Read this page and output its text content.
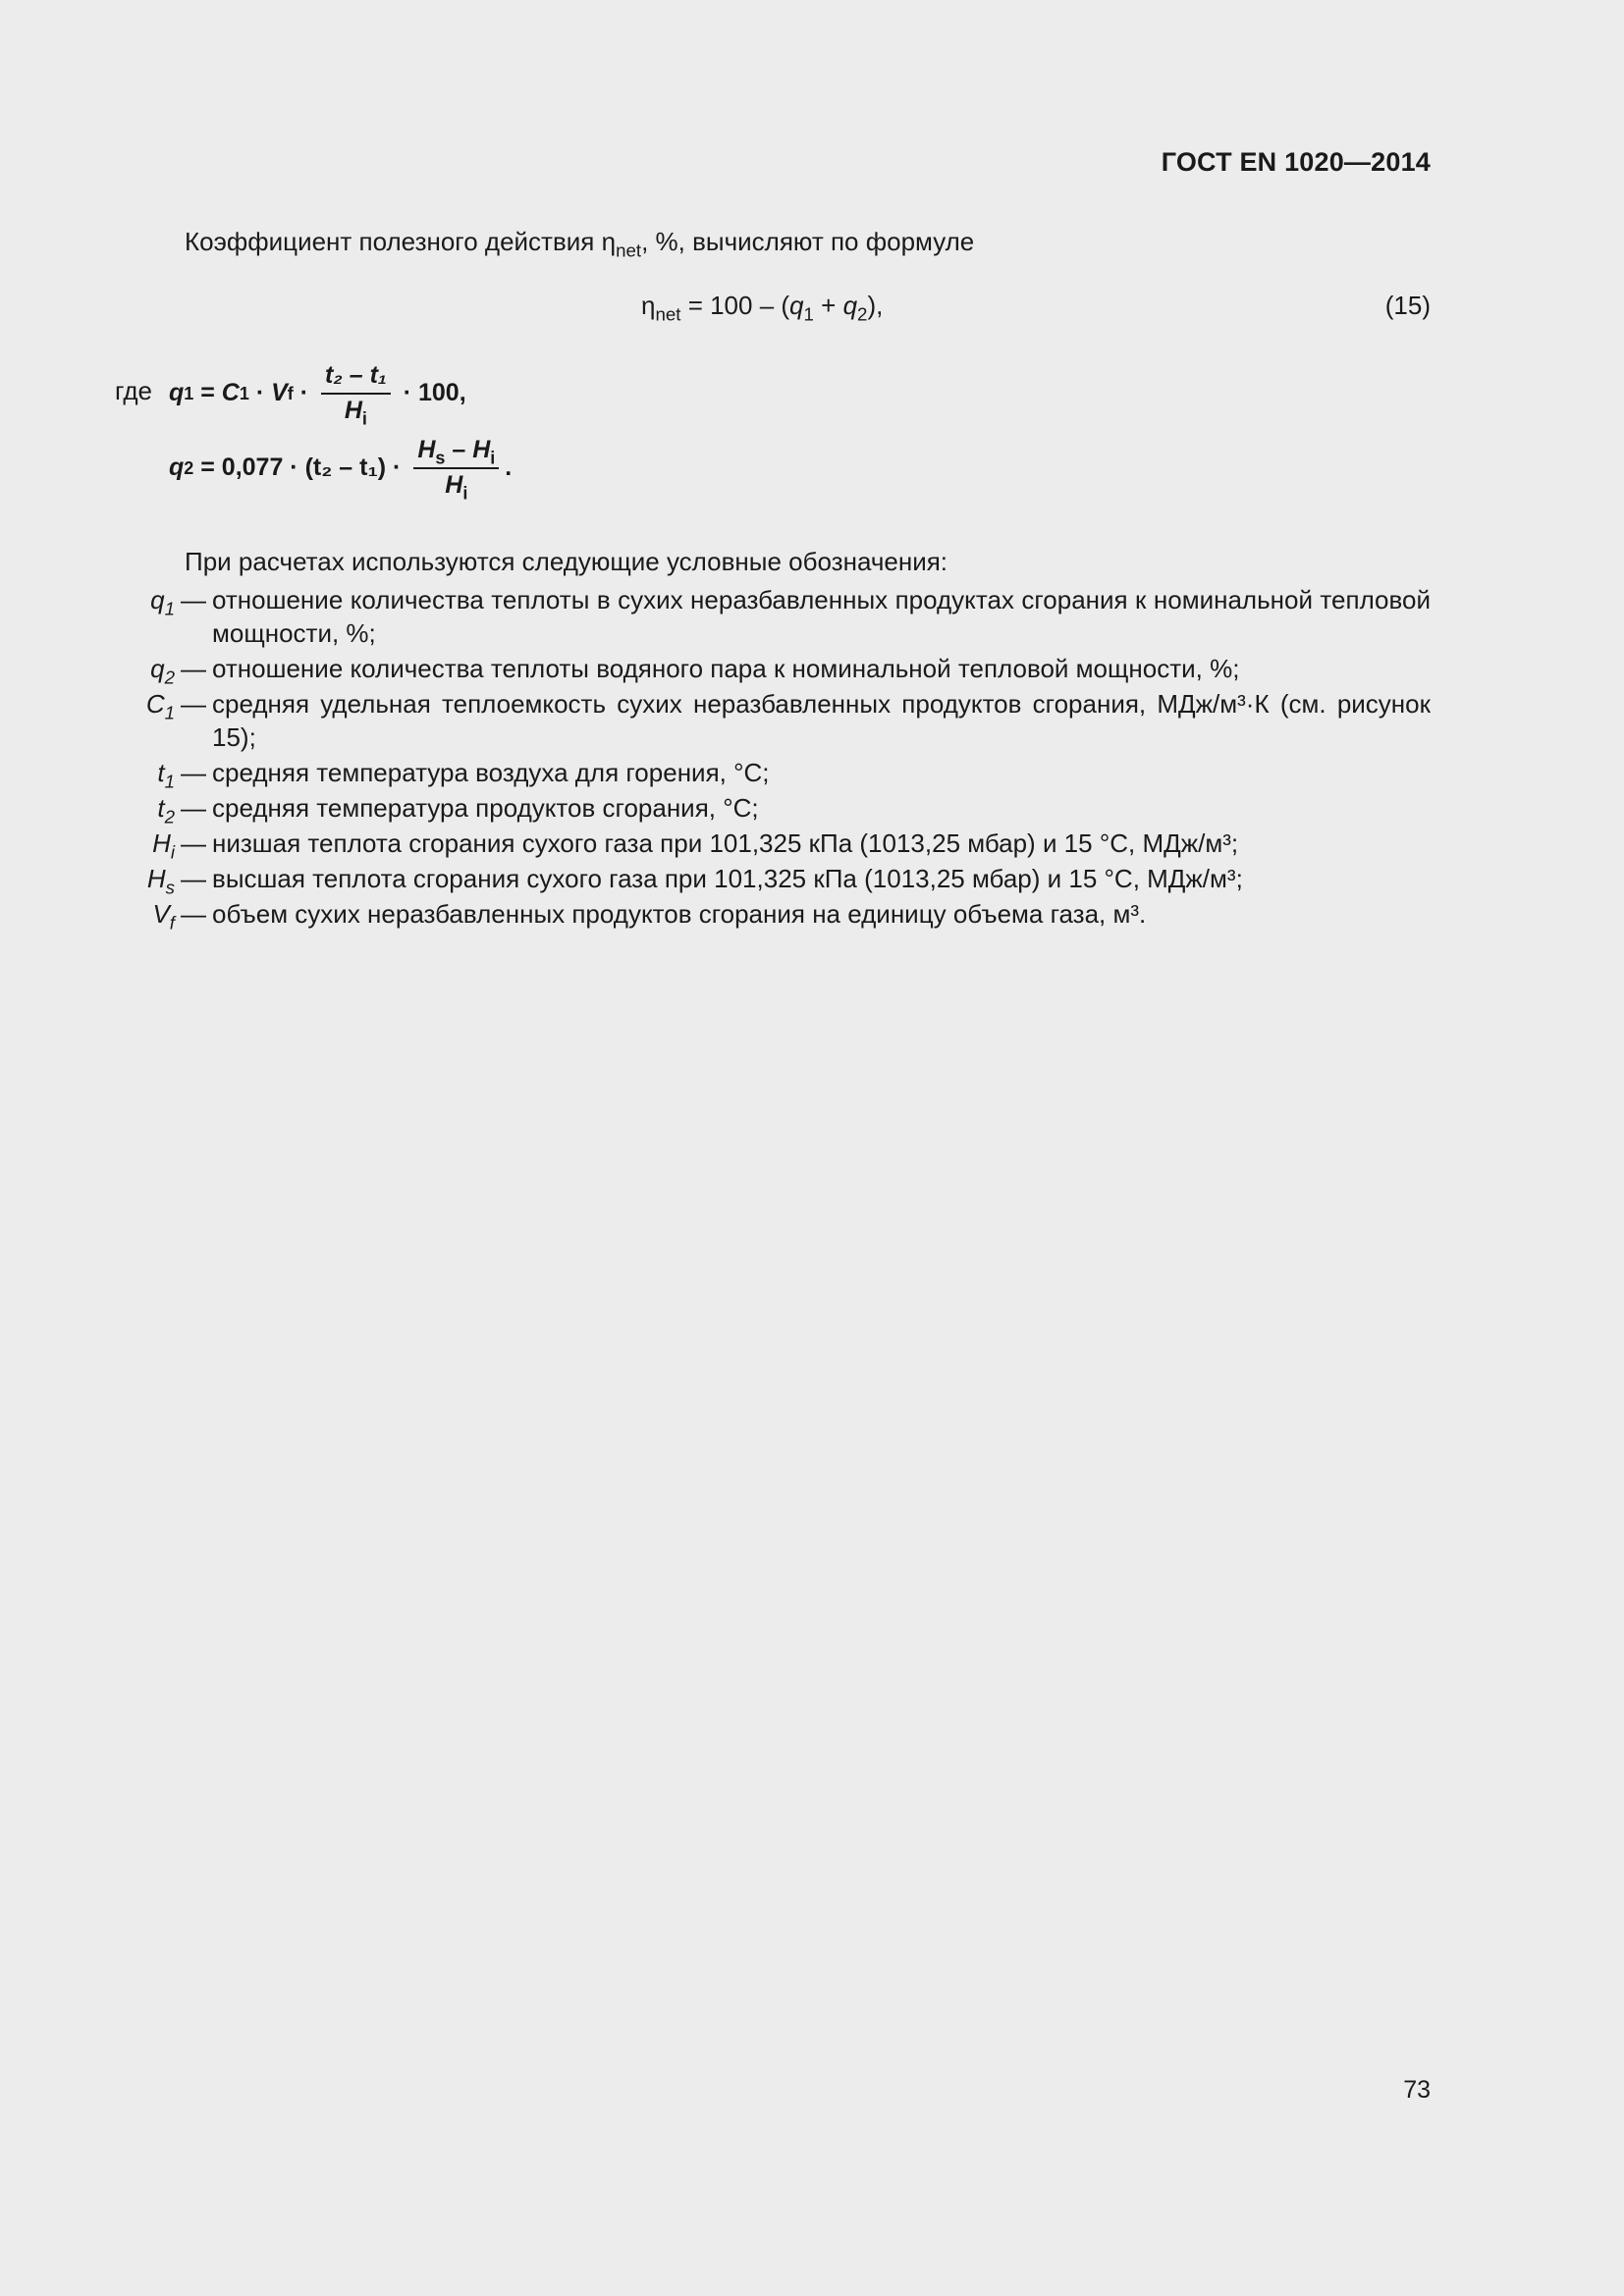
ГОСТ EN 1020—2014
Коэффициент полезного действия $\eta_{net}$, %, вычисляют по формуле
$\eta_{net} = 100 - (q_1 + q_2)$,	(15)
где q 1 = C 1 · V $f \cdot \frac{\text{t₂ – t₁}}{H_i} \cdot 100$,
q $2 = 0,077 \cdot (t_2 - t_1) \cdot \frac{H_s - H_i}{H_i}$ .
При расчетах используются следующие условные обозначения:
$q_1$ — отношение количества теплоты в сухих неразбавленных продуктах сгорания к номинальной тепловой мощности, %;
$q_2$ — отношение количества теплоты водяного пара к номинальной тепловой мощности, %;
$C_1$ — средняя удельная теплоемкость сухих неразбавленных продуктов сгорания, МДж/м³·К (см. рисунок 15);
$t_1$ — средняя температура воздуха для горения, °С;
$t_2$ — средняя температура продуктов сгорания, °С;
$H_i$ — низшая теплота сгорания сухого газа при 101,325 кПа (1013,25 мбар) и 15 °С, МДж/м³;
$H_s$ — высшая теплота сгорания сухого газа при 101,325 кПа (1013,25 мбар) и 15 °С, МДж/м³;
$V_f$ — объем сухих неразбавленных продуктов сгорания на единицу объема газа, м³.
73
